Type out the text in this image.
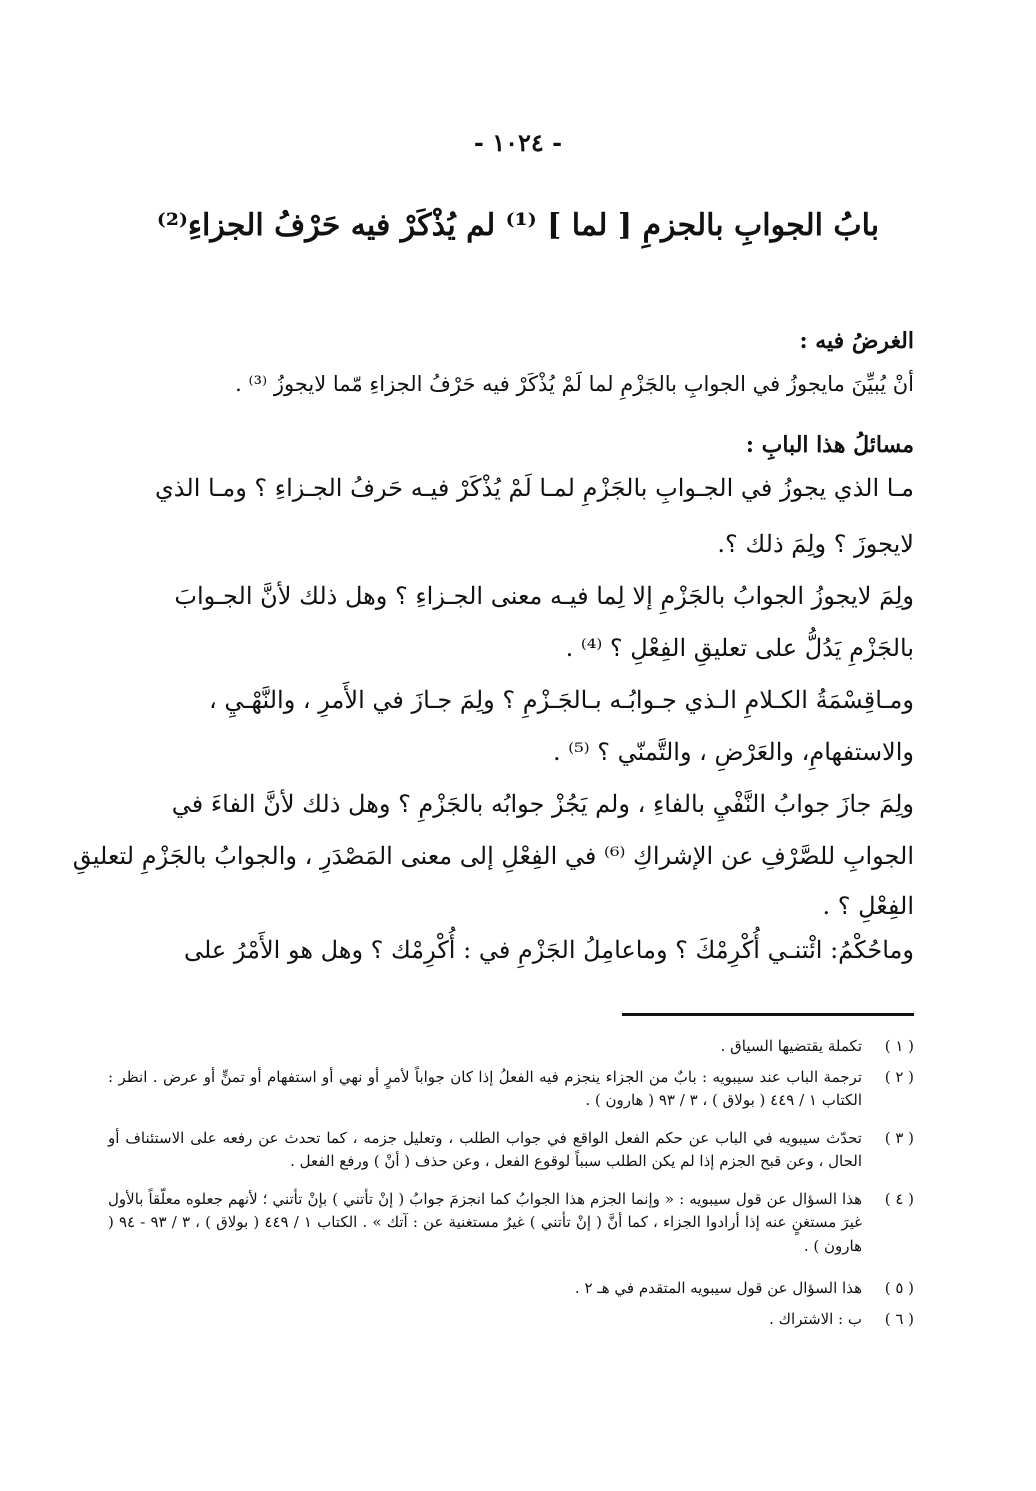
- ١٠٢٤ -
بابُ الجوابِ بالجزمِ [ لما ] ⁽¹⁾ لم يُذْكَرْ فيه حَرْفُ الجزاءِ⁽²⁾
الغرضُ فيه :
أنْ يُبيِّنَ مايجوزُ في الجوابِ بالجَزْمِ لما لَمْ يُذْكَرْ فيه حَرْفُ الجزاءِ مّما لايجوزُ ⁽³⁾ .
مسائلُ هذا البابِ :
مـا الذي يجوزُ في الجـوابِ بالجَزْمِ لمـا لَمْ يُذْكَرْ فيـه حَرفُ الجـزاءِ ؟ ومـا الذي
لايجوزَ ؟ ولِمَ ذلك ؟.
ولِمَ لايجوزُ الجوابُ بالجَزْمِ إلا لِما فيـه معنى الجـزاءِ ؟ وهل ذلك لأنَّ الجـوابَ
بالجَزْمِ يَدُلُّ على تعليقِ الفِعْلِ ؟ ⁽⁴⁾ .
ومـاقِسْمَةُ الكـلامِ الـذي جـوابُـه بـالجَـزْمِ ؟ ولِمَ جـازَ في الأَمرِ ، والنَّهْـيِ ،
والاستفهامِ، والعَرْضِ ، والتَّمنّي ؟ ⁽⁵⁾ .
ولِمَ جازَ جوابُ النَّفْيِ بالفاءِ ، ولم يَجُزْ جوابُه بالجَزْمِ ؟ وهل ذلك لأنَّ الفاءَ في
الجوابِ للصَّرْفِ عن الإشراكِ ⁽⁶⁾ في الفِعْلِ إلى معنى المَصْدَرِ ، والجوابُ بالجَزْمِ لتعليقِ
الفِعْلِ ؟ .
وماحُكْمُ: ائْتنـي أُكْرِمْكَ ؟ وماعامِلُ الجَزْمِ في : أُكْرِمْك ؟ وهل هو الأَمْرُ على
( ١ )
تكملة يقتضيها السياق .
( ٢ )
ترجمة الباب عند سيبويه : بابٌ من الجزاء ينجزم فيه الفعلُ إذا كان جواباً لأمرٍ أو نهي أو استفهام أو تمنٍّ أو عرض . انظر : الكتاب ١ / ٤٤٩ ( بولاق ) ، ٣ / ٩٣ ( هارون ) .
( ٣ )
تحدّث سيبويه في الباب عن حكم الفعل الواقع في جواب الطلب ، وتعليل جزمه ، كما تحدث عن رفعه على الاستئناف أو الحال ، وعن قبح الجزم إذا لم يكن الطلب سبباً لوقوع الفعل ، وعن حذف ( أنْ ) ورفع الفعل .
( ٤ )
هذا السؤال عن قول سيبويه : « وإنما الجزم هذا الجوابُ كما انجزمَ جوابُ ( إنْ تأتني ) بإنْ تأتني ؛ لأنهم جعلوه معلّقاً بالأول غيرَ مستغنٍ عنه إذا أرادوا الجزاء ، كما أنَّ ( إنْ تأتني ) غيرُ مستغنية عن : آتك » . الكتاب ١ / ٤٤٩ ( بولاق ) ، ٣ / ٩٣ - ٩٤ ( هارون ) .
( ٥ )
هذا السؤال عن قول سيبويه المتقدم في هـ ٢ .
( ٦ )
ب : الاشتراك .
